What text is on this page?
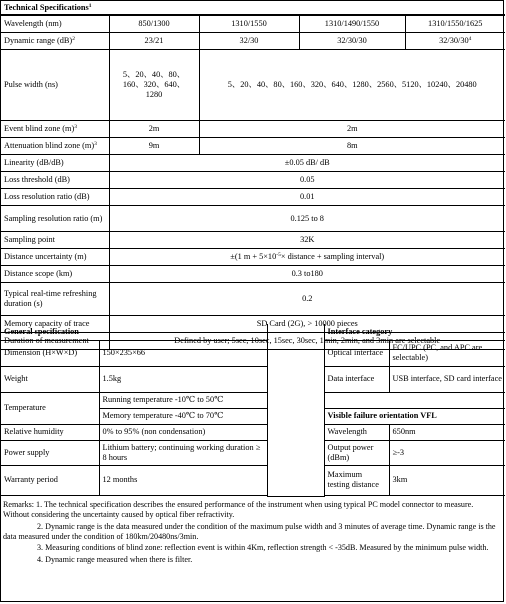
Technical Specifications$^1$
Wavelength (nm)	850/1300	1310/1550	1310/1490/1550	1310/1550/1625
Dynamic range (dB)$^2$	23/21	32/30	32/30/30	$32/30/30^4$
Pulse width (ns)	5、20、40、80、160、320、640、1280	5、20、40、80、160、320、640、1280、2560、5120、10240、20480		
Event blind zone $(m)^3$	2m	2m		
Attenuation blind zone $(m)^3$	9m	8m		
Linearity (dB/dB)	±0.05 dB/ dB			
Loss threshold (dB)	0.05			
Loss resolution ratio (dB)	0.01			
Sampling resolution ratio (m)	0.125 to 8			
Sampling point	32K			
Distance uncertainty (m)	±(1 $m + 5\times 10^{-5}\times$ distance + sampling interval)			
Distance scope (km)	0.3 to180			
Typical real-time refreshing duration (s)	0.2			
Memory capacity of trace	SD Card (2G), > 10000 pieces			
Duration of measurement	Defined by user; 5sec, 10sec, 15sec, 30sec, 1min, 2min, and 3min are selectable			
General specification			Interface category	
Dimension (H×W×D)	150×235×66		Optical interface	FC/UPC (PC, and APC are selectable)

Weight	1.5kg		Data interface	USB interface, SD card interface
Temperature	Running temperature -10℃ to 50℃			
	Memory temperature -40℃ to 70℃		Visible failure orientation VFL	
Relative humidity	0% to 95% (non condensation)		Wavelength	650nm
Power supply	Lithium battery; continuing working duration ≥ 8 hours		Output power (dBm)	≥-3
Warranty period	12 months		Maximum testing distance	3km

Remarks: 1. The technical specification describes the ensured performance of the instrument when using typical PC model connector to measure. Without considering the uncertainty caused by optical fiber refractivity.

2. Dynamic range is the data measured under the condition of the maximum pulse width and 3 minutes of average time. Dynamic range is the data measured under the condition of 180km/20480ns/3min.

3. Measuring conditions of blind zone: reflection event is within 4Km, reflection strength < -35dB. Measured by the minimum pulse width.

4. Dynamic range measured when there is filter.
